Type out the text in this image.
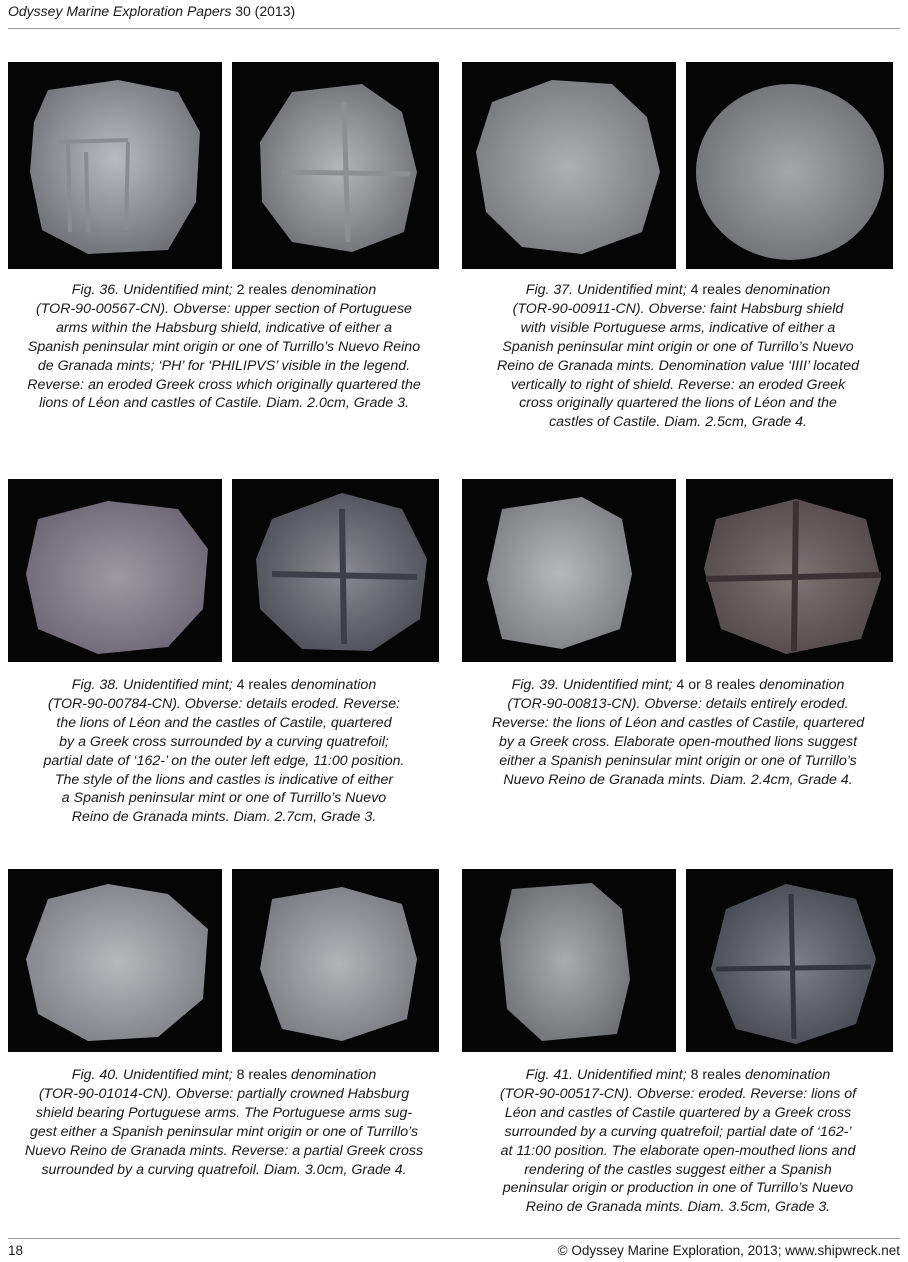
Odyssey Marine Exploration Papers 30 (2013)
Fig. 36. Unidentified mint; 2 reales denomination
(TOR-90-00567-CN). Obverse: upper section of Portuguese
arms within the Habsburg shield, indicative of either a
Spanish peninsular mint origin or one of Turrillo’s Nuevo Reino
de Granada mints; ‘PH’ for ‘PHILIPVS’ visible in the legend.
Reverse: an eroded Greek cross which originally quartered the
lions of Léon and castles of Castile. Diam. 2.0cm, Grade 3.
Fig. 37. Unidentified mint; 4 reales denomination
(TOR-90-00911-CN). Obverse: faint Habsburg shield
with visible Portuguese arms, indicative of either a
Spanish peninsular mint origin or one of Turrillo’s Nuevo
Reino de Granada mints. Denomination value ‘IIII’ located
vertically to right of shield. Reverse: an eroded Greek
cross originally quartered the lions of Léon and the
castles of Castile. Diam. 2.5cm, Grade 4.
Fig. 38. Unidentified mint; 4 reales denomination
(TOR-90-00784-CN). Obverse: details eroded. Reverse:
the lions of Léon and the castles of Castile, quartered
by a Greek cross surrounded by a curving quatrefoil;
partial date of ‘162-’ on the outer left edge, 11:00 position.
The style of the lions and castles is indicative of either
a Spanish peninsular mint or one of Turrillo’s Nuevo
Reino de Granada mints. Diam. 2.7cm, Grade 3.
Fig. 39. Unidentified mint; 4 or 8 reales denomination
(TOR-90-00813-CN). Obverse: details entirely eroded.
Reverse: the lions of Léon and castles of Castile, quartered
by a Greek cross. Elaborate open-mouthed lions suggest
either a Spanish peninsular mint origin or one of Turrillo’s
Nuevo Reino de Granada mints. Diam. 2.4cm, Grade 4.
Fig. 40. Unidentified mint; 8 reales denomination
(TOR-90-01014-CN). Obverse: partially crowned Habsburg
shield bearing Portuguese arms. The Portuguese arms sug-
gest either a Spanish peninsular mint origin or one of Turrillo’s
Nuevo Reino de Granada mints. Reverse: a partial Greek cross
surrounded by a curving quatrefoil. Diam. 3.0cm, Grade 4.
Fig. 41. Unidentified mint; 8 reales denomination
(TOR-90-00517-CN). Obverse: eroded. Reverse: lions of
Léon and castles of Castile quartered by a Greek cross
surrounded by a curving quatrefoil; partial date of ‘162-’
at 11:00 position. The elaborate open-mouthed lions and
rendering of the castles suggest either a Spanish
peninsular origin or production in one of Turrillo’s Nuevo
Reino de Granada mints. Diam. 3.5cm, Grade 3.
18	© Odyssey Marine Exploration, 2013; www.shipwreck.net
